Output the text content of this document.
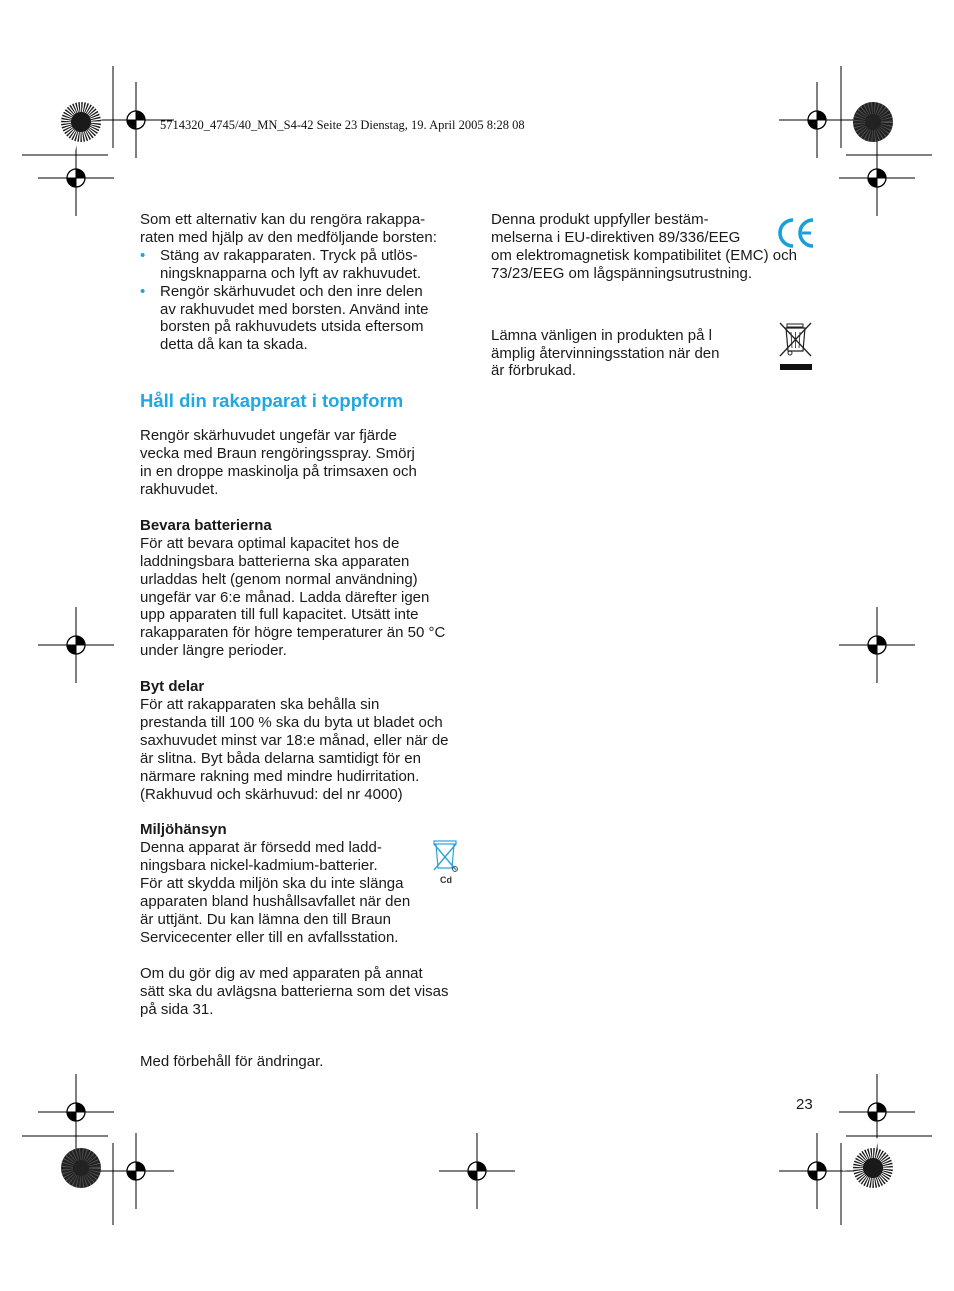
5714320_4745/40_MN_S4-42 Seite 23 Dienstag, 19. April 2005 8:28 08

Som ett alternativ kan du rengöra rakappa-

raten med hjälp av den medföljande borsten:

• Stäng av rakapparaten. Tryck på utlös-
ningsknapparna och lyft av rakhuvudet.
• Rengör skärhuvudet och den inre delen
av rakhuvudet med borsten. Använd inte
borsten på rakhuvudets utsida eftersom
detta då kan ta skada.
Håll din rakapparat i toppform

Rengör skärhuvudet ungefär var fjärde

vecka med Braun rengöringsspray. Smörj

in en droppe maskinolja på trimsaxen och

rakhuvudet.

Bevara batterierna

För att bevara optimal kapacitet hos de

laddningsbara batterierna ska apparaten

urladdas helt (genom normal användning)

ungefär var 6:e månad. Ladda därefter igen

upp apparaten till full kapacitet. Utsätt inte

rakapparaten för högre temperaturer än 50 °C

under längre perioder.

Byt delar

För att rakapparaten ska behålla sin

prestanda till 100 % ska du byta ut bladet och

saxhuvudet minst var 18:e månad, eller när de

är slitna. Byt båda delarna samtidigt för en

närmare rakning med mindre hudirritation.

(Rakhuvud och skärhuvud: del nr 4000)

Miljöhänsyn

Denna apparat är försedd med ladd-

ningsbara nickel-kadmium-batterier.

För att skydda miljön ska du inte slänga

apparaten bland hushållsavfallet när den

är uttjänt. Du kan lämna den till Braun

Servicecenter eller till en avfallsstation.

Om du gör dig av med apparaten på annat

sätt ska du avlägsna batterierna som det visas

på sida 31.

Med förbehåll för ändringar.

Cd

Denna produkt uppfyller bestäm-

melserna i EU-direktiven 89/336/EEG

om elektromagnetisk kompatibilitet (EMC) och

73/23/EEG om lågspänningsutrustning.

Lämna vänligen in produkten på l

ämplig återvinningsstation när den

är förbrukad.

23
